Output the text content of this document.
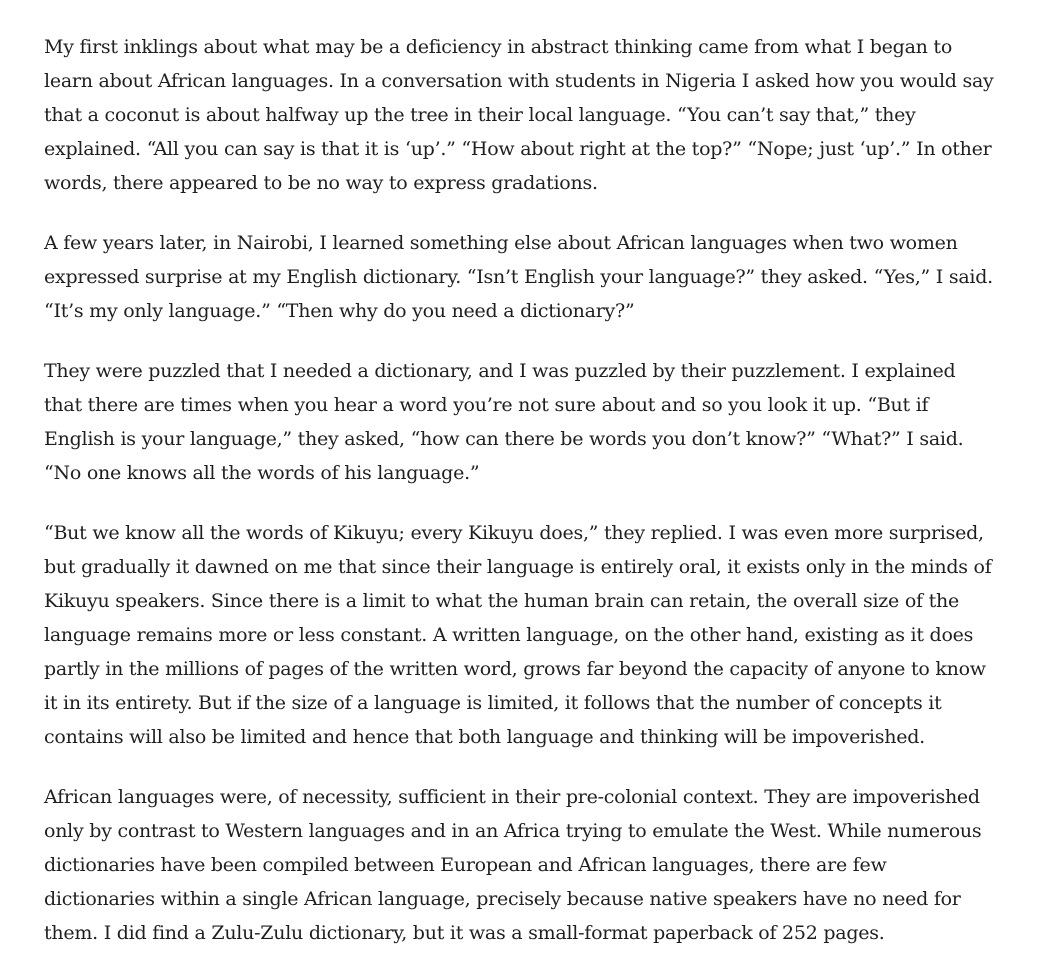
My first inklings about what may be a deficiency in abstract thinking came from what I began to learn about African languages. In a conversation with students in Nigeria I asked how you would say that a coconut is about halfway up the tree in their local language. “You can’t say that,” they explained. “All you can say is that it is ‘up’.” “How about right at the top?” “Nope; just ‘up’.” In other words, there appeared to be no way to express gradations.

A few years later, in Nairobi, I learned something else about African languages when two women expressed surprise at my English dictionary. “Isn’t English your language?” they asked. “Yes,” I said. “It’s my only language.” “Then why do you need a dictionary?”

They were puzzled that I needed a dictionary, and I was puzzled by their puzzlement. I explained that there are times when you hear a word you’re not sure about and so you look it up. “But if English is your language,” they asked, “how can there be words you don’t know?” “What?” I said. “No one knows all the words of his language.”

“But we know all the words of Kikuyu; every Kikuyu does,” they replied. I was even more surprised, but gradually it dawned on me that since their language is entirely oral, it exists only in the minds of Kikuyu speakers. Since there is a limit to what the human brain can retain, the overall size of the language remains more or less constant. A written language, on the other hand, existing as it does partly in the millions of pages of the written word, grows far beyond the capacity of anyone to know it in its entirety. But if the size of a language is limited, it follows that the number of concepts it contains will also be limited and hence that both language and thinking will be impoverished.

African languages were, of necessity, sufficient in their pre-colonial context. They are impoverished only by contrast to Western languages and in an Africa trying to emulate the West. While numerous dictionaries have been compiled between European and African languages, there are few dictionaries within a single African language, precisely because native speakers have no need for them. I did find a Zulu-Zulu dictionary, but it was a small-format paperback of 252 pages.
